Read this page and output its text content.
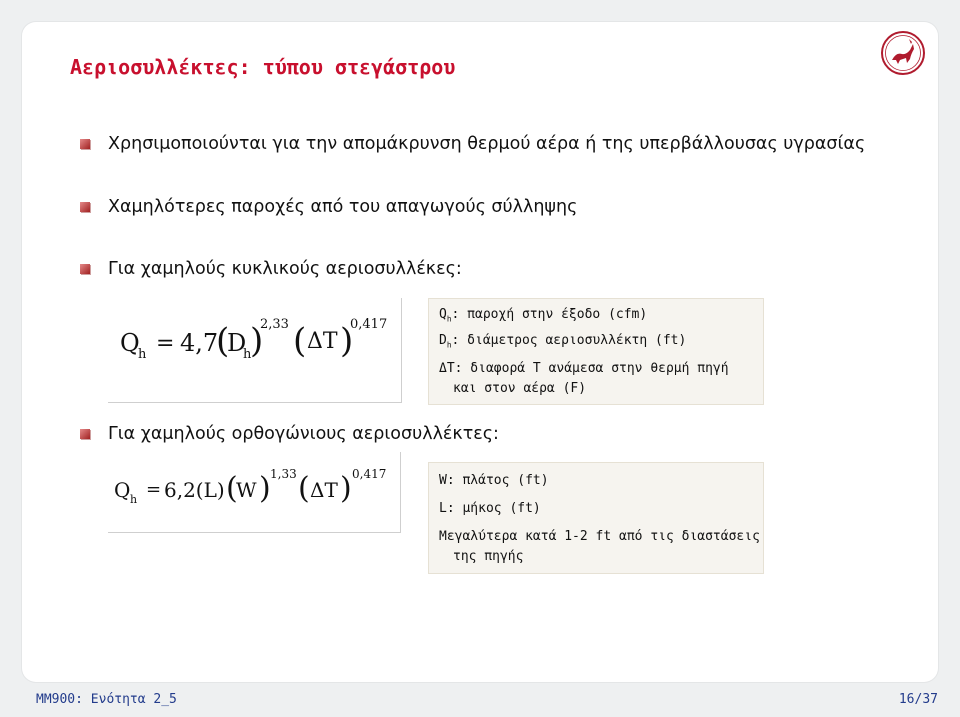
Αεριοσυλλέκτες: τύπου στεγάστρου
Χρησιμοποιούνται για την απομάκρυνση θερμού αέρα ή της υπερβάλλουσας υγρασίας
Χαμηλότερες παροχές από του απαγωγούς σύλληψης
Για χαμηλούς κυκλικούς αεριοσυλλέκες:
Για χαμηλούς ορθογώνιους αεριοσυλλέκτες:
Q
h = 4,7
(
D
h
)
2,33 ( ΔT )
0,417
$Q_h$: παροχή στην έξοδο (cfm)
$D_h$: διάμετρος αεριοσυλλέκτη (ft)
ΔT: διαφορά T ανάμεσα στην θερμή πηγή
και στον αέρα (F)
Q h = 6,2(L) (
W ) 1,33 ( ΔT ) 0,417	W: πλάτος (ft)
L: μήκος (ft)
Μεγαλύτερα κατά 1-2 ft από τις διαστάσεις
της πηγής
ΜΜ900: Ενότητα 2_5	16/37
